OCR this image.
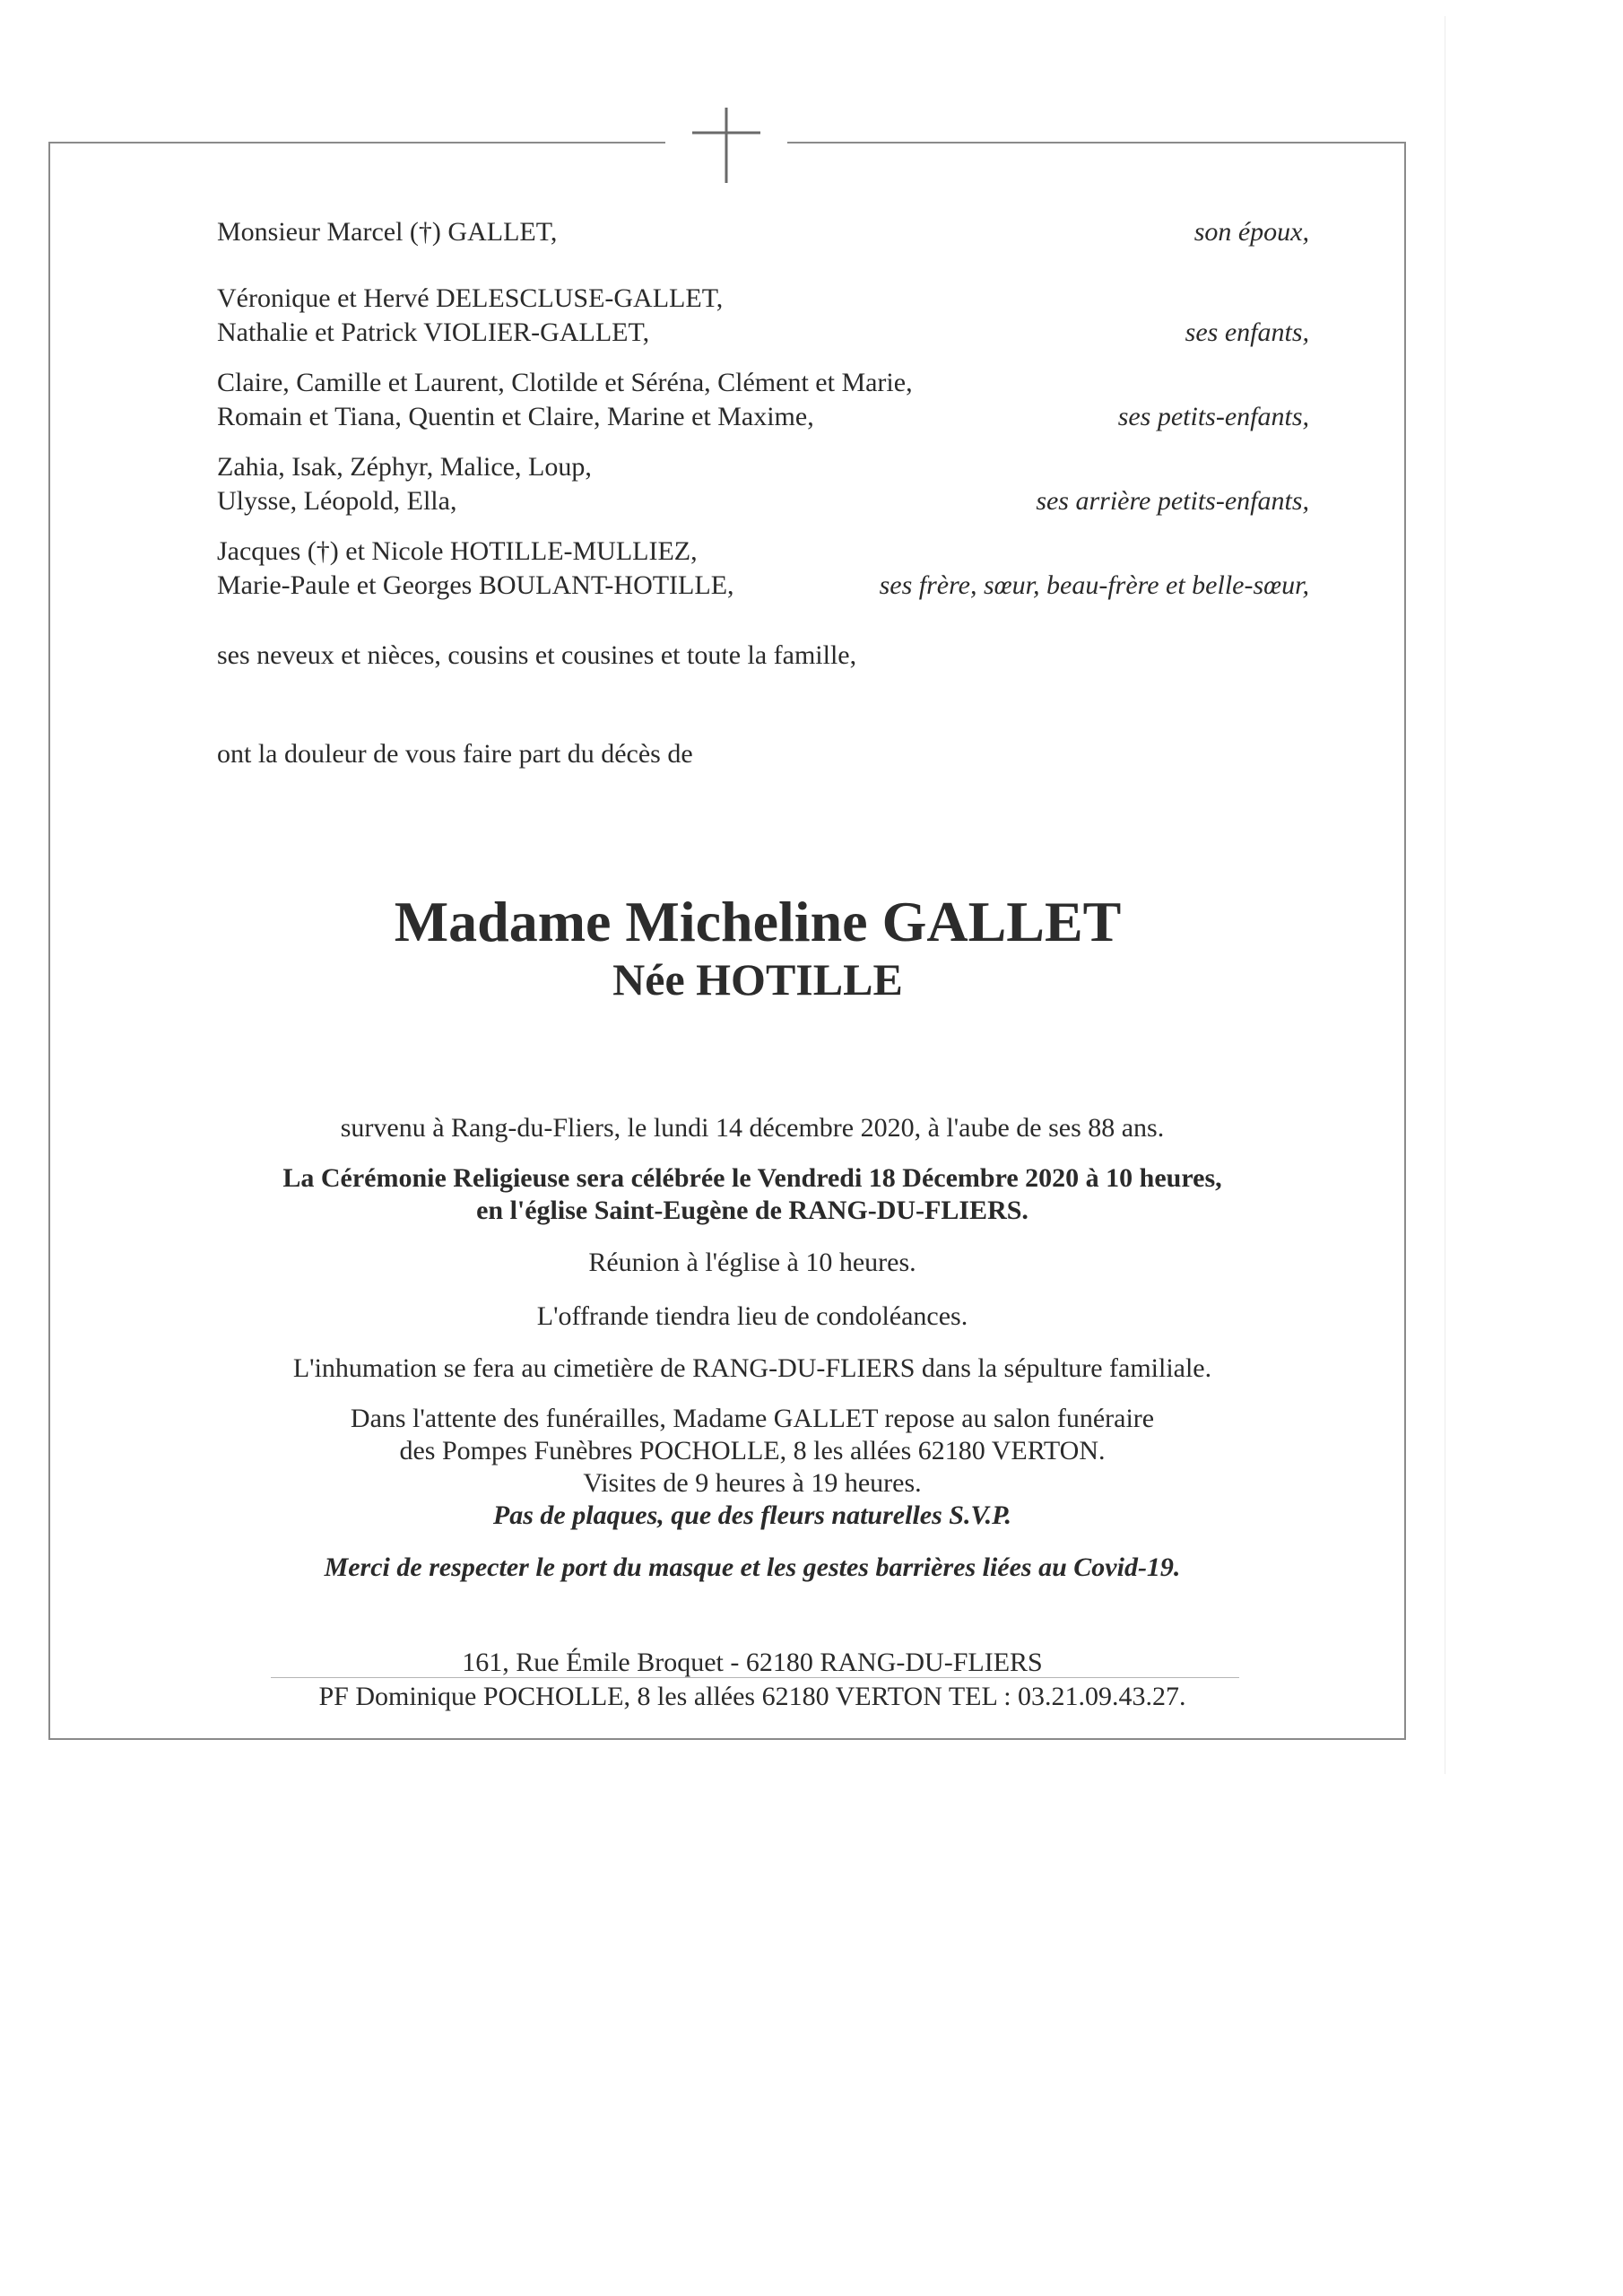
Monsieur Marcel (†) GALLET,	son époux,
Véronique et Hervé DELESCLUSE-GALLET,
Nathalie et Patrick VIOLIER-GALLET,	ses enfants,
Claire, Camille et Laurent, Clotilde et Séréna, Clément et Marie,
Romain et Tiana, Quentin et Claire, Marine et Maxime,	ses petits-enfants,
Zahia, Isak, Zéphyr, Malice, Loup,
Ulysse, Léopold, Ella,	ses arrière petits-enfants,
Jacques (†) et Nicole HOTILLE-MULLIEZ,
Marie-Paule et Georges BOULANT-HOTILLE,	ses frère, sœur, beau-frère et belle-sœur,
ses neveux et nièces, cousins et cousines et toute la famille,
ont la douleur de vous faire part du décès de
Madame Micheline GALLET
Née HOTILLE
survenu à Rang-du-Fliers, le lundi 14 décembre 2020, à l'aube de ses 88 ans.
La Cérémonie Religieuse sera célébrée le Vendredi 18 Décembre 2020 à 10 heures,
en l'église Saint-Eugène de RANG-DU-FLIERS.
Réunion à l'église à 10 heures.
L'offrande tiendra lieu de condoléances.
L'inhumation se fera au cimetière de RANG-DU-FLIERS dans la sépulture familiale.
Dans l'attente des funérailles, Madame GALLET repose au salon funéraire
des Pompes Funèbres POCHOLLE, 8 les allées 62180 VERTON.
Visites de 9 heures à 19 heures.
Pas de plaques, que des fleurs naturelles S.V.P.
Merci de respecter le port du masque et les gestes barrières liées au Covid-19.
161, Rue Émile Broquet - 62180 RANG-DU-FLIERS
PF Dominique POCHOLLE, 8 les allées 62180 VERTON TEL : 03.21.09.43.27.
